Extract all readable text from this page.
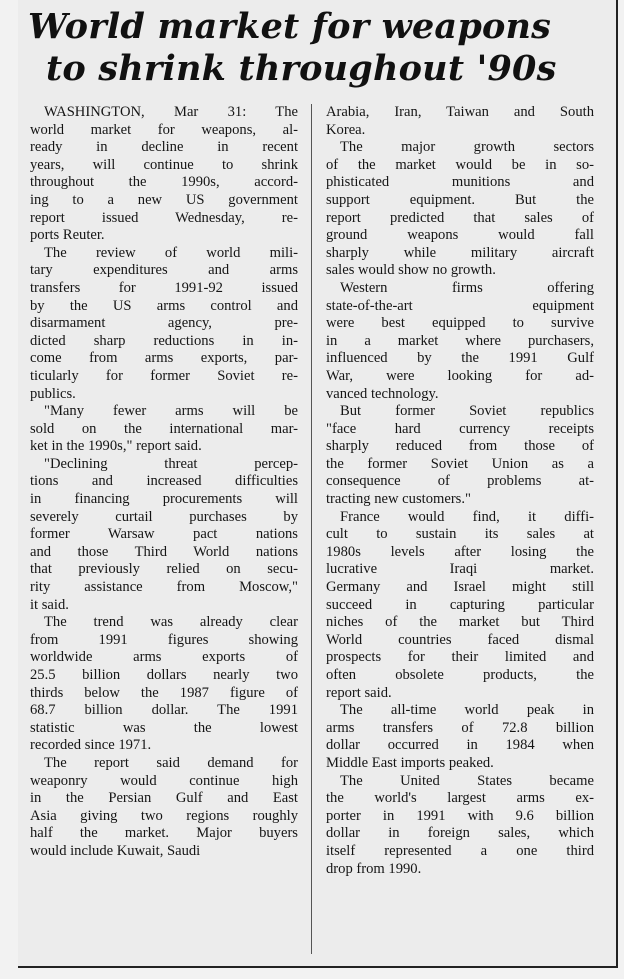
World market for weapons
to shrink throughout '90s

WASHINGTON, Mar 31: The
world market for weapons, al-
ready in decline in recent
years, will continue to shrink
throughout the 1990s, accord-
ing to a new US government
report issued Wednesday, re-
ports Reuter.

The review of world mili-
tary expenditures and arms
transfers for 1991-92 issued
by the US arms control and
disarmament agency, pre-
dicted sharp reductions in in-
come from arms exports, par-
ticularly for former Soviet re-
publics.

"Many fewer arms will be
sold on the international mar-
ket in the 1990s," report said.

"Declining threat percep-
tions and increased difficulties
in financing procurements will
severely curtail purchases by
former Warsaw pact nations
and those Third World nations
that previously relied on secu-
rity assistance from Moscow,"
it said.

The trend was already clear
from 1991 figures showing
worldwide arms exports of
25.5 billion dollars nearly two
thirds below the 1987 figure of
68.7 billion dollar. The 1991
statistic was the lowest
recorded since 1971.

The report said demand for
weaponry would continue high
in the Persian Gulf and East
Asia giving two regions roughly
half the market. Major buyers
would include Kuwait, Saudi

Arabia, Iran, Taiwan and South
Korea.

The major growth sectors
of the market would be in so-
phisticated munitions and
support equipment. But the
report predicted that sales of
ground weapons would fall
sharply while military aircraft
sales would show no growth.

Western firms offering
state-of-the-art equipment
were best equipped to survive
in a market where purchasers,
influenced by the 1991 Gulf
War, were looking for ad-
vanced technology.

But former Soviet republics
"face hard currency receipts
sharply reduced from those of
the former Soviet Union as a
consequence of problems at-
tracting new customers."

France would find, it diffi-
cult to sustain its sales at
1980s levels after losing the
lucrative Iraqi market.
Germany and Israel might still
succeed in capturing particular
niches of the market but Third
World countries faced dismal
prospects for their limited and
often obsolete products, the
report said.

The all-time world peak in
arms transfers of 72.8 billion
dollar occurred in 1984 when
Middle East imports peaked.

The United States became
the world's largest arms ex-
porter in 1991 with 9.6 billion
dollar in foreign sales, which
itself represented a one third
drop from 1990.
